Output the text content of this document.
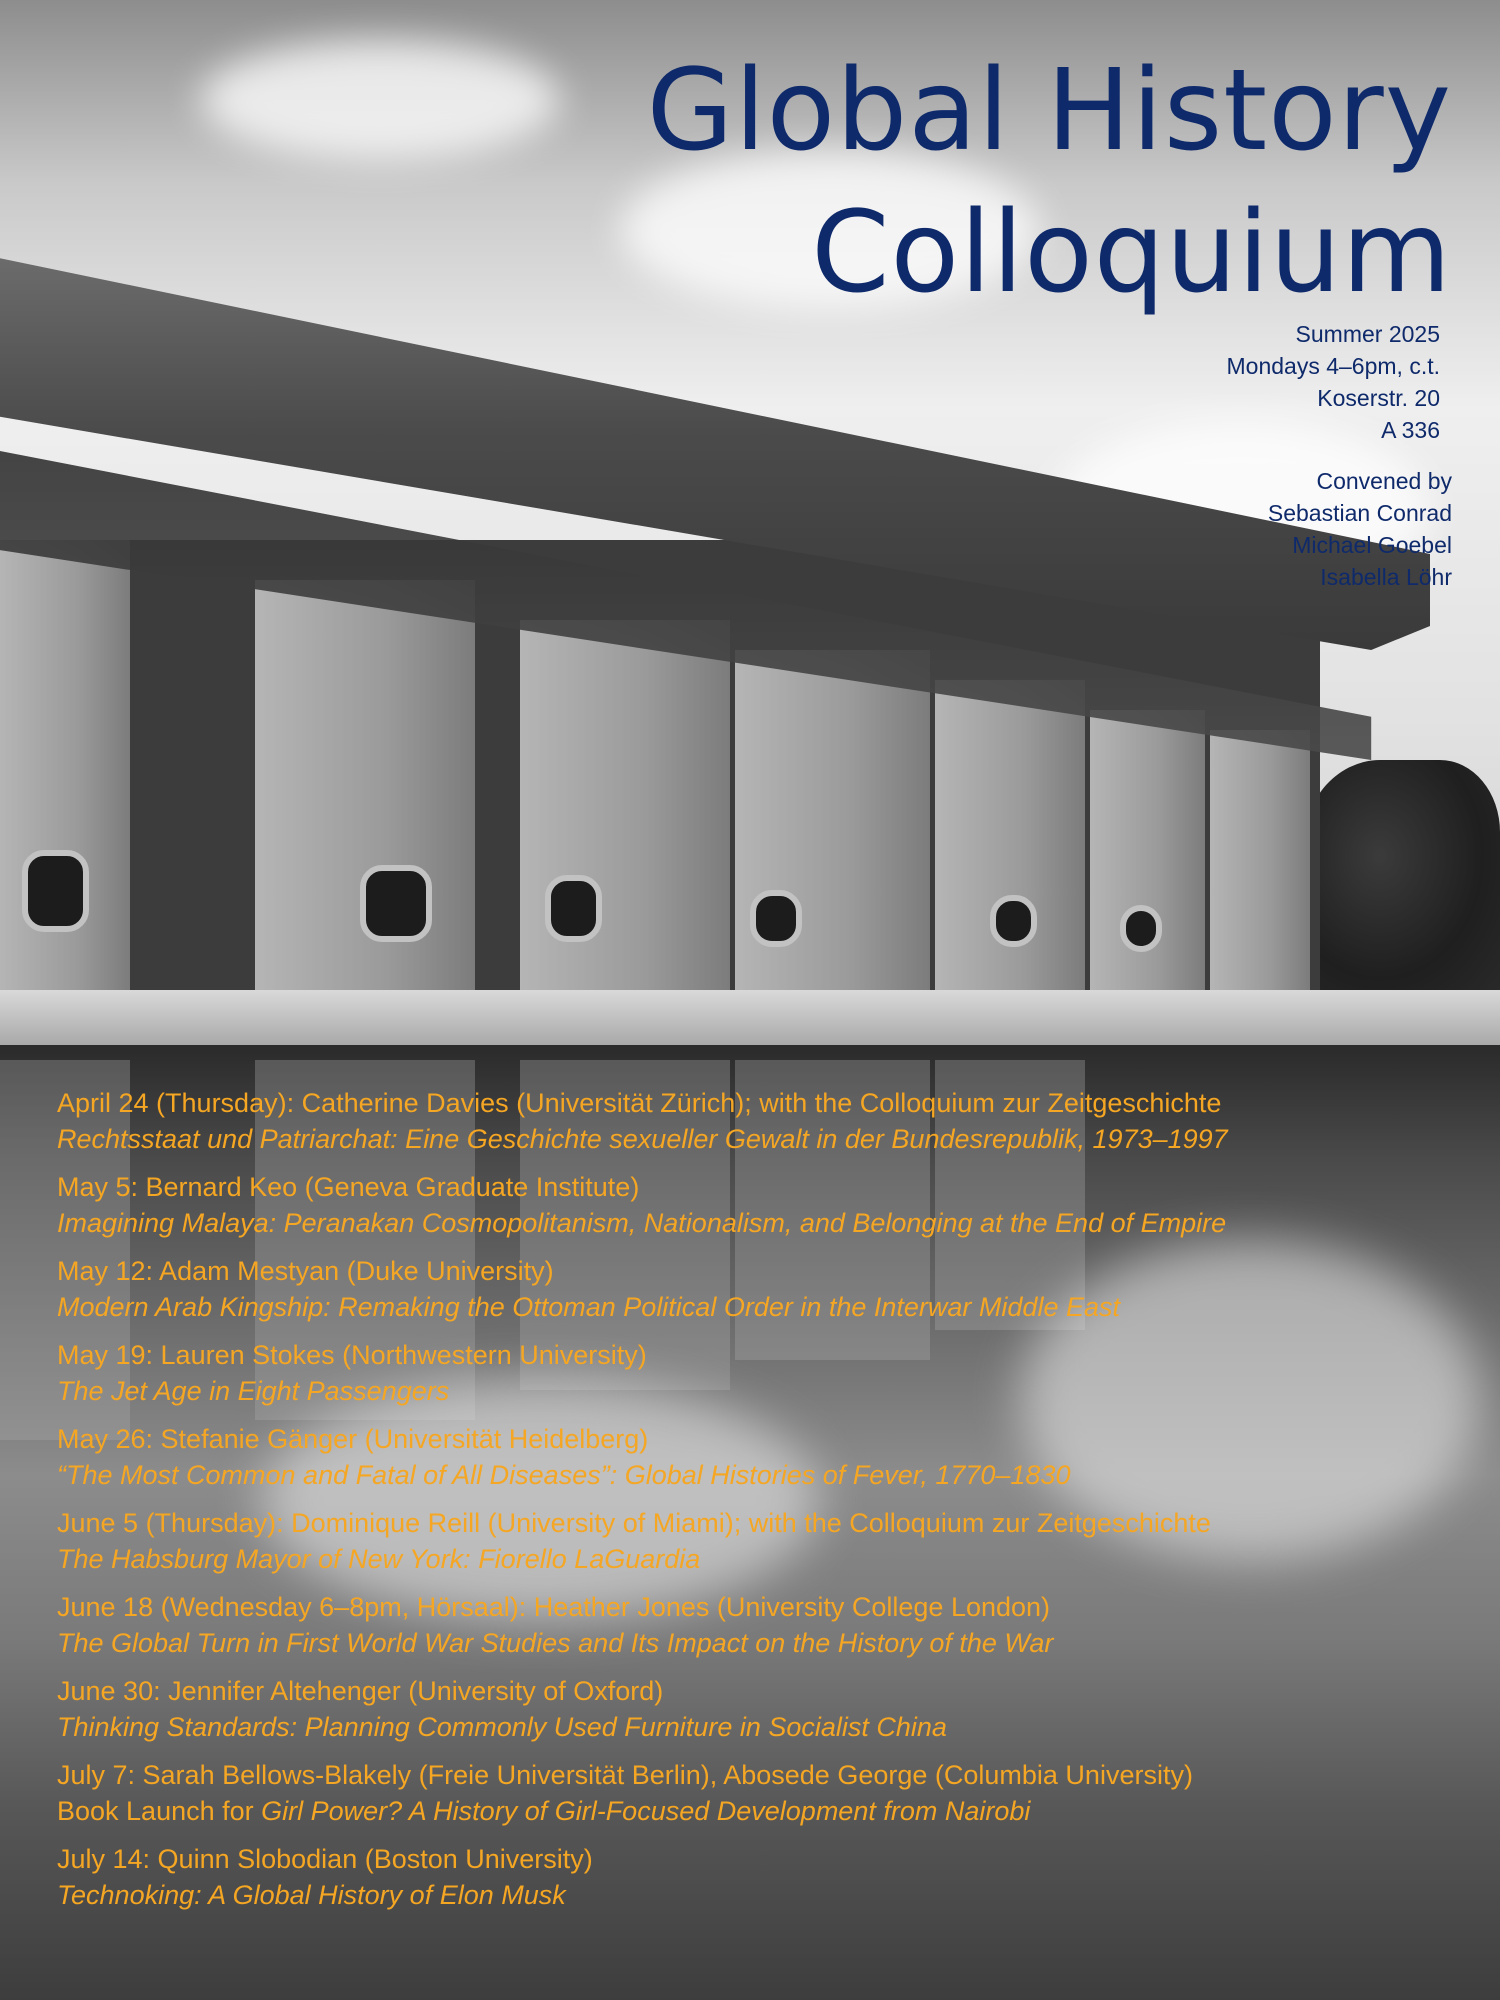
Global History
Colloquium
Summer 2025
Mondays 4–6pm, c.t.
Koserstr. 20
A 336
Convened by
Sebastian Conrad
Michael Goebel
Isabella Löhr
April 24 (Thursday): Catherine Davies (Universität Zürich); with the Colloquium zur Zeitgeschichte
Rechtsstaat und Patriarchat: Eine Geschichte sexueller Gewalt in der Bundesrepublik, 1973–1997
May 5: Bernard Keo (Geneva Graduate Institute)
Imagining Malaya: Peranakan Cosmopolitanism, Nationalism, and Belonging at the End of Empire
May 12: Adam Mestyan (Duke University)
Modern Arab Kingship: Remaking the Ottoman Political Order in the Interwar Middle East
May 19: Lauren Stokes (Northwestern University)
The Jet Age in Eight Passengers
May 26: Stefanie Gänger (Universität Heidelberg)
“The Most Common and Fatal of All Diseases”: Global Histories of Fever, 1770–1830
June 5 (Thursday): Dominique Reill (University of Miami); with the Colloquium zur Zeitgeschichte
The Habsburg Mayor of New York: Fiorello LaGuardia
June 18 (Wednesday 6–8pm, Hörsaal): Heather Jones (University College London)
The Global Turn in First World War Studies and Its Impact on the History of the War
June 30: Jennifer Altehenger (University of Oxford)
Thinking Standards: Planning Commonly Used Furniture in Socialist China
July 7: Sarah Bellows-Blakely (Freie Universität Berlin), Abosede George (Columbia University)
Book Launch for Girl Power? A History of Girl-Focused Development from Nairobi
July 14: Quinn Slobodian (Boston University)
Technoking: A Global History of Elon Musk
